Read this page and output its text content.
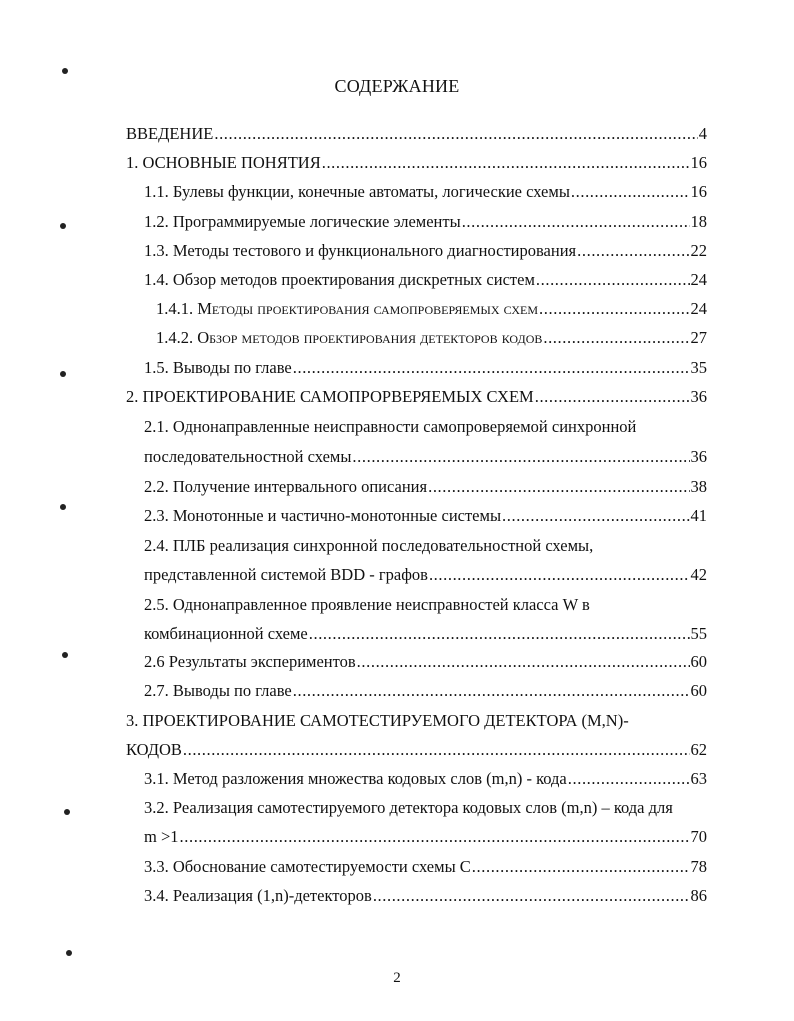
СОДЕРЖАНИЕ
ВВЕДЕНИЕ .....	4
1. ОСНОВНЫЕ ПОНЯТИЯ .....	16
1.1. Булевы функции, конечные автоматы, логические схемы .....	16
1.2. Программируемые логические элементы .....	18
1.3. Методы тестового и функционального диагностирования .....	22
1.4. Обзор методов проектирования дискретных систем .....	24
1.4.1. Методы проектирования самопроверяемых схем .....	24
1.4.2. Обзор методов проектирования детекторов кодов .....	27
1.5. Выводы по главе .....	35
2. ПРОЕКТИРОВАНИЕ САМОПРОРВЕРЯЕМЫХ СХЕМ .....	36
2.1. Однонаправленные неисправности самопроверяемой синхронной
последовательностной схемы .....	36
2.2. Получение интервального описания .....	38
2.3. Монотонные и частично-монотонные системы .....	41
2.4. ПЛБ реализация синхронной последовательностной схемы,
представленной системой BDD - графов .....	42
2.5. Однонаправленное проявление неисправностей класса W в
комбинационной схеме .....	55
2.6 Результаты экспериментов .....	60
2.7. Выводы по главе .....	60
3. ПРОЕКТИРОВАНИЕ САМОТЕСТИРУЕМОГО ДЕТЕКТОРА (M,N)-
КОДОВ .....	62
3.1. Метод разложения множества кодовых слов (m,n) - кода .....	63
3.2. Реализация самотестируемого детектора кодовых слов (m,n) – кода для
m >1 .....	70
3.3. Обоснование самотестируемости схемы С .....	78
3.4. Реализация (1,n)-детекторов .....	86
2
